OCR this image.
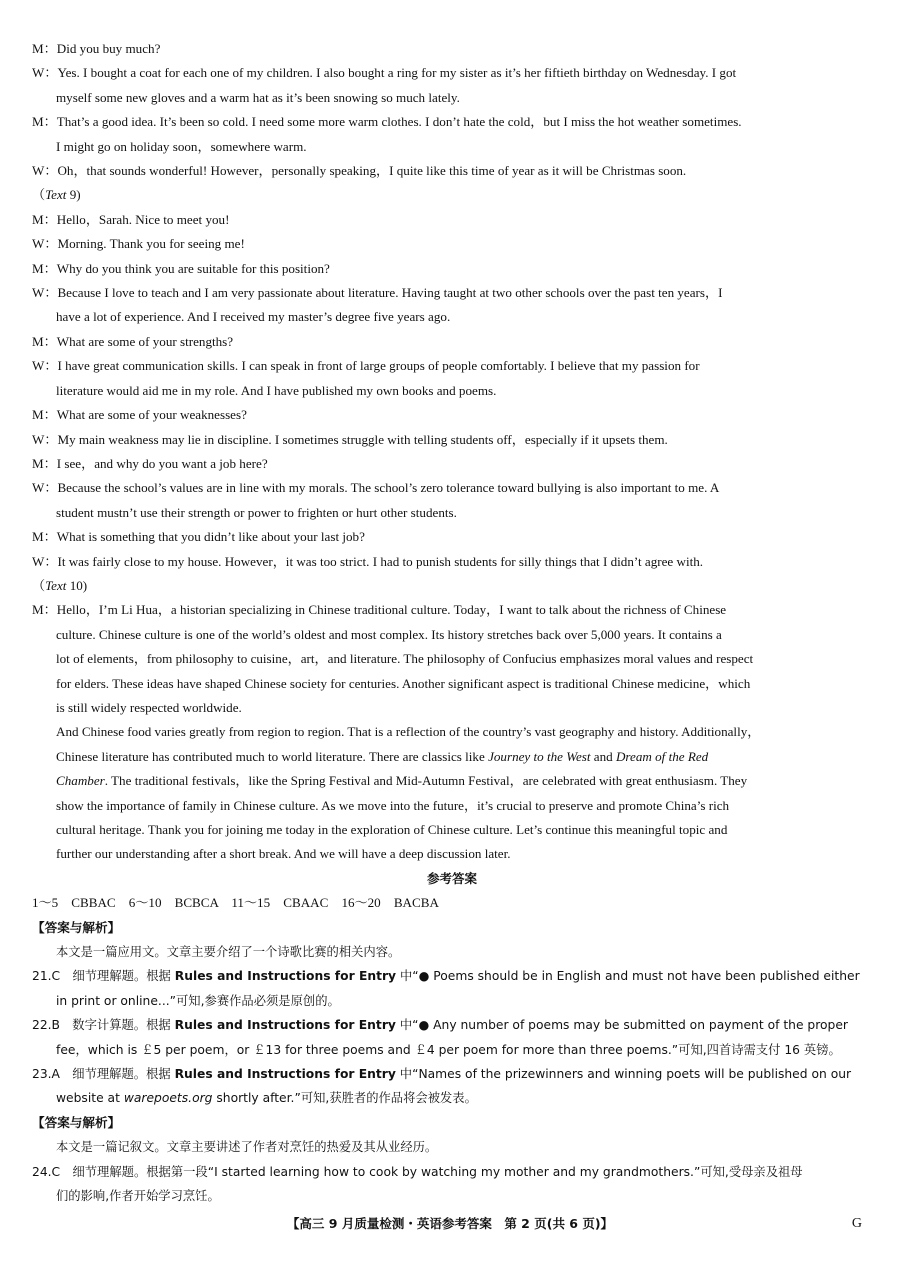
M： Did you buy much?
W： Yes. I bought a coat for each one of my children. I also bought a ring for my sister as it’s her fiftieth birthday on Wednesday. I got
myself some new gloves and a warm hat as it’s been snowing so much lately.
M： That’s a good idea. It’s been so cold. I need some more warm clothes. I don’t hate the cold，but I miss the hot weather sometimes.
I might go on holiday soon，somewhere warm.
W： Oh，that sounds wonderful! However，personally speaking，I quite like this time of year as it will be Christmas soon.
（Text 9)
M： Hello，Sarah. Nice to meet you!
W： Morning. Thank you for seeing me!
M： Why do you think you are suitable for this position?
W： Because I love to teach and I am very passionate about literature. Having taught at two other schools over the past ten years，I
have a lot of experience. And I received my master’s degree five years ago.
M： What are some of your strengths?
W： I have great communication skills. I can speak in front of large groups of people comfortably. I believe that my passion for
literature would aid me in my role. And I have published my own books and poems.
M： What are some of your weaknesses?
W： My main weakness may lie in discipline. I sometimes struggle with telling students off，especially if it upsets them.
M： I see，and why do you want a job here?
W： Because the school’s values are in line with my morals. The school’s zero tolerance toward bullying is also important to me. A
student mustn’t use their strength or power to frighten or hurt other students.
M： What is something that you didn’t like about your last job?
W： It was fairly close to my house. However，it was too strict. I had to punish students for silly things that I didn’t agree with.
（Text 10)
M： Hello，I’m Li Hua，a historian specializing in Chinese traditional culture. Today，I want to talk about the richness of Chinese
culture. Chinese culture is one of the world’s oldest and most complex. Its history stretches back over 5,000 years. It contains a
lot of elements，from philosophy to cuisine，art，and literature. The philosophy of Confucius emphasizes moral values and respect
for elders. These ideas have shaped Chinese society for centuries. Another significant aspect is traditional Chinese medicine，which
is still widely respected worldwide.
And Chinese food varies greatly from region to region. That is a reflection of the country’s vast geography and history. Additionally，
Chinese literature has contributed much to world literature. There are classics like Journey to the West and Dream of the Red
Chamber. The traditional festivals，like the Spring Festival and Mid-Autumn Festival，are celebrated with great enthusiasm. They
show the importance of family in Chinese culture. As we move into the future，it’s crucial to preserve and promote China’s rich
cultural heritage. Thank you for joining me today in the exploration of Chinese culture. Let’s continue this meaningful topic and
further our understanding after a short break. And we will have a deep discussion later.
参考答案
1～5　CBBAC　6～10　BCBCA　11～15　CBAAC　16～20　BACBA
【答案与解析】
本文是一篇应用文。文章主要介绍了一个诗歌比赛的相关内容。
21.C　细节理解题。根据 Rules and Instructions for Entry 中“● Poems should be in English and must not have been published either
in print or online...”可知,参赛作品必须是原创的。
22.B　数字计算题。根据 Rules and Instructions for Entry 中“● Any number of poems may be submitted on payment of the proper
fee，which is ￡5 per poem，or ￡13 for three poems and ￡4 per poem for more than three poems.”可知,四首诗需支付 16 英镑。
23.A　细节理解题。根据 Rules and Instructions for Entry 中“Names of the prizewinners and winning poets will be published on our
website at warepoets.org shortly after.”可知,获胜者的作品将会被发表。
【答案与解析】
本文是一篇记叙文。文章主要讲述了作者对烹饪的热爱及其从业经历。
24.C　细节理解题。根据第一段“I started learning how to cook by watching my mother and my grandmothers.”可知,受母亲及祖母
们的影响,作者开始学习烹饪。
【高三 9 月质量检测・英语参考答案　第 2 页(共 6 页)】	G
